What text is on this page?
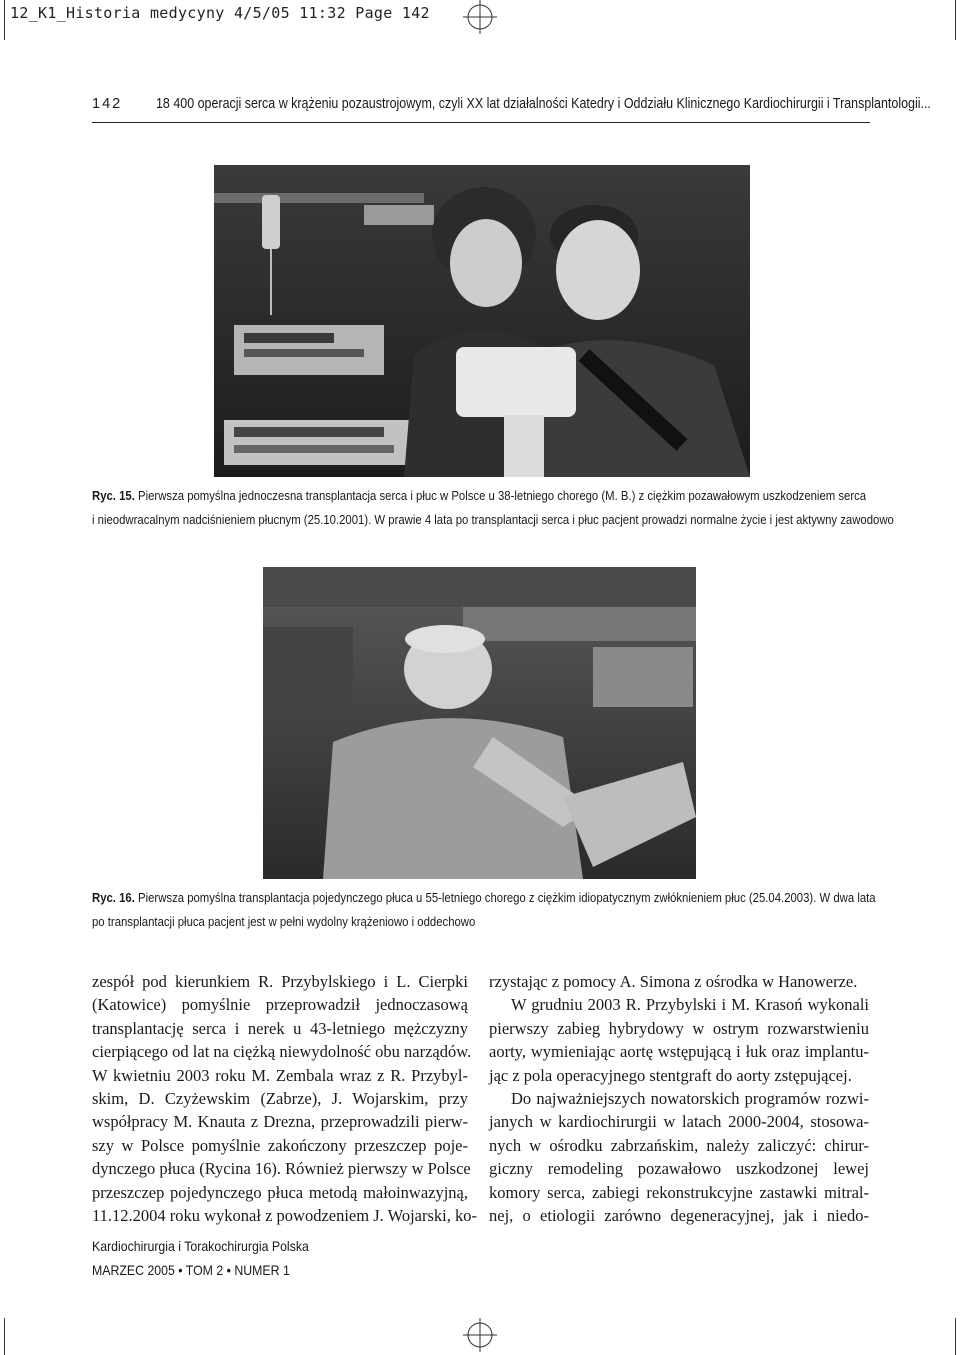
12_K1_Historia medycyny 4/5/05 11:32 Page 142
142 18 400 operacji serca w krążeniu pozaustrojowym, czyli XX lat działalności Katedry i Oddziału Klinicznego Kardiochirurgii i Transplantologii...
Ryc. 15. Pierwsza pomyślna jednoczesna transplantacja serca i płuc w Polsce u 38-letniego chorego (M. B.) z ciężkim pozawałowym uszkodzeniem serca
i nieodwracalnym nadciśnieniem płucnym (25.10.2001). W prawie 4 lata po transplantacji serca i płuc pacjent prowadzi normalne życie i jest aktywny zawodowo
Ryc. 16. Pierwsza pomyślna transplantacja pojedynczego płuca u 55-letniego chorego z ciężkim idiopatycznym zwłóknieniem płuc (25.04.2003). W dwa lata
po transplantacji płuca pacjent jest w pełni wydolny krążeniowo i oddechowo
zespół pod kierunkiem R. Przybylskiego i L. Cierpki
(Katowice) pomyślnie przeprowadził jednoczasową
transplantację serca i nerek u 43-letniego mężczyzny
cierpiącego od lat na ciężką niewydolność obu narządów.
W kwietniu 2003 roku M. Zembala wraz z R. Przybyl-
skim, D. Czyżewskim (Zabrze), J. Wojarskim, przy
współpracy M. Knauta z Drezna, przeprowadzili pierw-
szy w Polsce pomyślnie zakończony przeszczep poje-
dynczego płuca (Rycina 16). Również pierwszy w Polsce
przeszczep pojedynczego płuca metodą małoinwazyjną,
11.12.2004 roku wykonał z powodzeniem J. Wojarski, ko-
rzystając z pomocy A. Simona z ośrodka w Hanowerze.
W grudniu 2003 R. Przybylski i M. Krasoń wykonali
pierwszy zabieg hybrydowy w ostrym rozwarstwieniu
aorty, wymieniając aortę wstępującą i łuk oraz implantu-
jąc z pola operacyjnego stentgraft do aorty zstępującej.
Do najważniejszych nowatorskich programów rozwi-
janych w kardiochirurgii w latach 2000-2004, stosowa-
nych w ośrodku zabrzańskim, należy zaliczyć: chirur-
giczny remodeling pozawałowo uszkodzonej lewej
komory serca, zabiegi rekonstrukcyjne zastawki mitral-
nej, o etiologii zarówno degeneracyjnej, jak i niedo-
Kardiochirurgia i Torakochirurgia Polska
MARZEC 2005 • TOM 2 • NUMER 1
